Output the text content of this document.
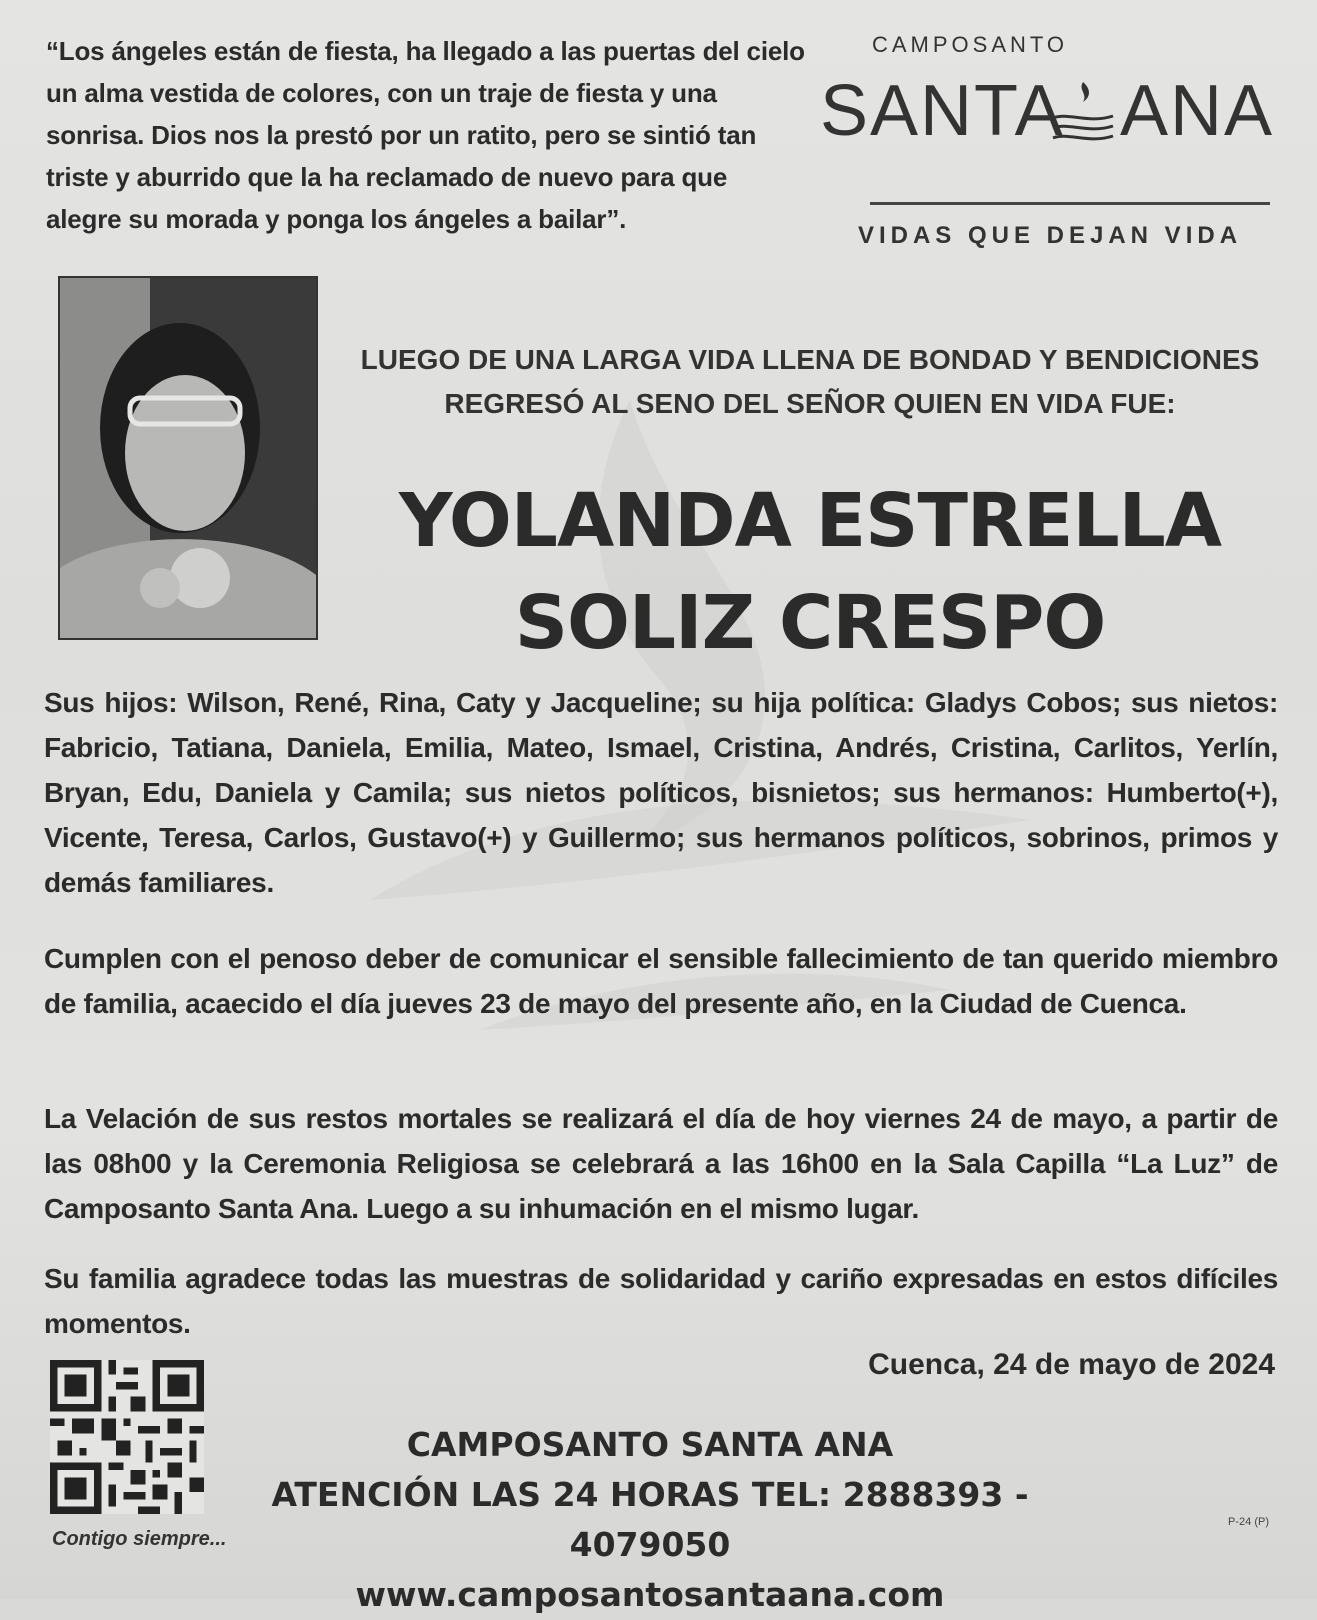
“Los ángeles están de fiesta, ha llegado a las puertas del cielo un alma vestida de colores, con un traje de fiesta y una sonrisa. Dios nos la prestó por un ratito, pero se sintió tan triste y aburrido que la ha reclamado de nuevo para que alegre su morada y ponga los ángeles a bailar”.
CAMPOSANTO
SANTA ANA
VIDAS QUE DEJAN VIDA
LUEGO DE UNA LARGA VIDA LLENA DE BONDAD Y BENDICIONES
REGRESÓ AL SENO DEL SEÑOR QUIEN EN VIDA FUE:
YOLANDA ESTRELLA
SOLIZ CRESPO
Sus hijos: Wilson, René, Rina, Caty y Jacqueline; su hija política: Gladys Cobos; sus nietos: Fabricio, Tatiana, Daniela, Emilia, Mateo, Ismael, Cristina, Andrés, Cristina, Carlitos, Yerlín, Bryan, Edu, Daniela y Camila; sus nietos políticos, bisnietos; sus hermanos: Humberto(+), Vicente, Teresa, Carlos, Gustavo(+) y Guillermo; sus hermanos políticos, sobrinos, primos y demás familiares.
Cumplen con el penoso deber de comunicar el sensible fallecimiento de tan querido miembro de familia, acaecido el día jueves 23 de mayo del presente año, en la Ciudad de Cuenca.
La Velación de sus restos mortales se realizará el día de hoy viernes 24 de mayo, a partir de las 08h00 y la Ceremonia Religiosa se celebrará a las 16h00 en la Sala Capilla “La Luz” de Camposanto Santa Ana. Luego a su inhumación en el mismo lugar.
Su familia agradece todas las muestras de solidaridad y cariño expresadas en estos difíciles momentos.
Cuenca, 24 de mayo de 2024
Contigo siempre...
CAMPOSANTO SANTA ANA
ATENCIÓN LAS 24 HORAS TEL: 2888393 - 4079050
www.camposantosantaana.com
P-24 (P)
